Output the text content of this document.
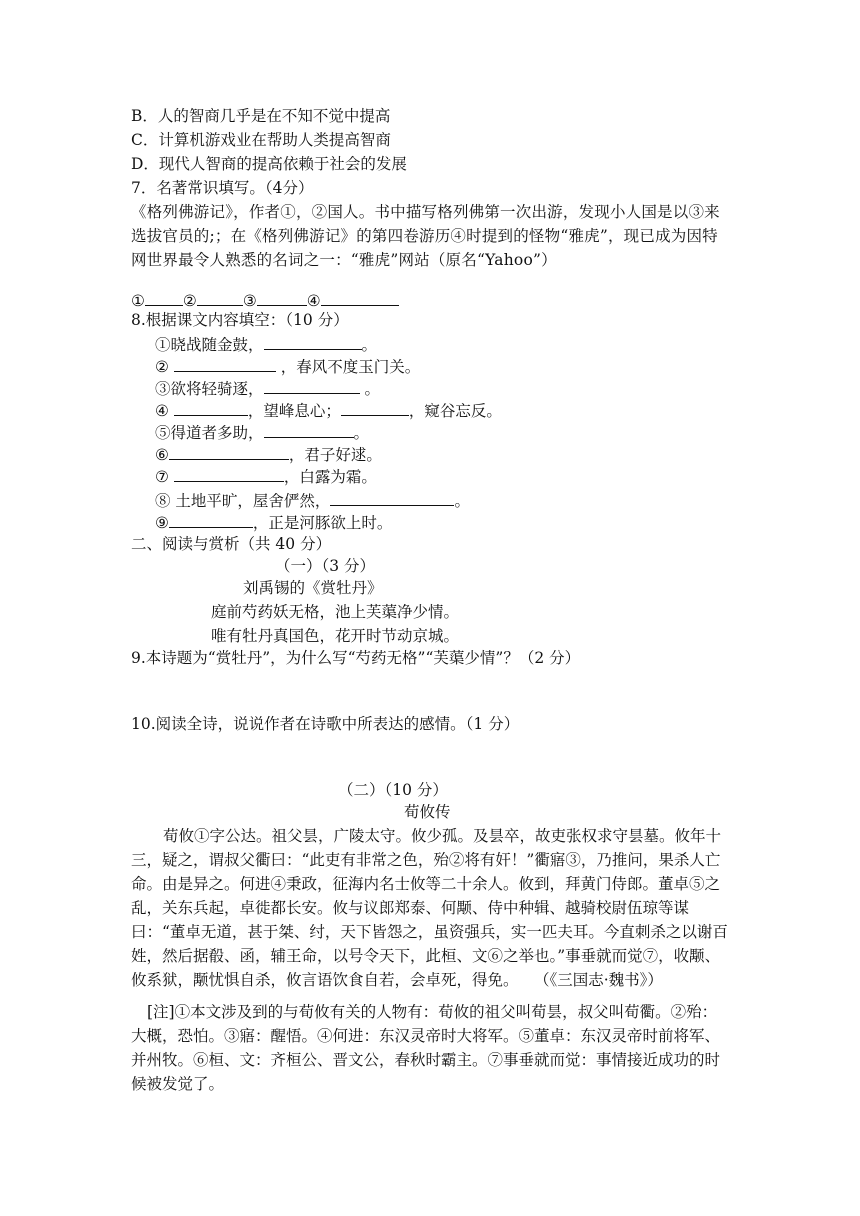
B．人的智商几乎是在不知不觉中提高
C．计算机游戏业在帮助人类提高智商
D．现代人智商的提高依赖于社会的发展
7．名著常识填写。（4分）
《格列佛游记》，作者①，②国人。书中描写格列佛第一次出游，发现小人国是以③来选拔官员的;；在《格列佛游记》的第四卷游历④时提到的怪物“雅虎”，现已成为因特网世界最令人熟悉的名词之一：“雅虎”网站（原名“Yahoo”）
① ②	③	④
8.根据课文内容填空：（10 分）
①晓战随金鼓，	。
②	，春风不度玉门关。
③欲将轻骑逐，	。
④	，望峰息心；	，窥谷忘反。
⑤得道者多助，	。
⑥	，君子好逑。
⑦	，白露为霜。
⑧ 土地平旷，屋舍俨然，	。
⑨	，正是河豚欲上时。
二、阅读与赏析（共 40 分）
（一）（3 分）
刘禹锡的《赏牡丹》
庭前芍药妖无格，池上芙蕖净少情。
唯有牡丹真国色，花开时节动京城。
9.本诗题为“赏牡丹”，为什么写“芍药无格”“芙蕖少情”？（2 分）
10.阅读全诗，说说作者在诗歌中所表达的感情。（1 分）
（二）（10 分）
荀攸传
荀攸①字公达。祖父昙，广陵太守。攸少孤。及昙卒，故吏张权求守昙墓。攸年十三，疑之，谓叔父衢曰：“此吏有非常之色，殆②将有奸！”衢寤③，乃推问，果杀人亡命。由是异之。何进④秉政，征海内名士攸等二十余人。攸到，拜黄门侍郎。董卓⑤之乱，关东兵起，卓徙都长安。攸与议郎郑泰、何颙、侍中种辑、越骑校尉伍琼等谋曰：“董卓无道，甚于桀、纣，天下皆怨之，虽资强兵，实一匹夫耳。今直刺杀之以谢百姓，然后据殽、函，辅王命，以号令天下，此桓、文⑥之举也。”事垂就而觉⑦，收颙、攸系狱，颙忧惧自杀，攸言语饮食自若，会卓死，得免。　　（《三国志·魏书》）
[注]①本文涉及到的与荀攸有关的人物有：荀攸的祖父叫荀昙，叔父叫荀衢。②殆：大概，恐怕。③寤：醒悟。④何进：东汉灵帝时大将军。⑤董卓：东汉灵帝时前将军、并州牧。⑥桓、文：齐桓公、晋文公，春秋时霸主。⑦事垂就而觉：事情接近成功的时候被发觉了。
